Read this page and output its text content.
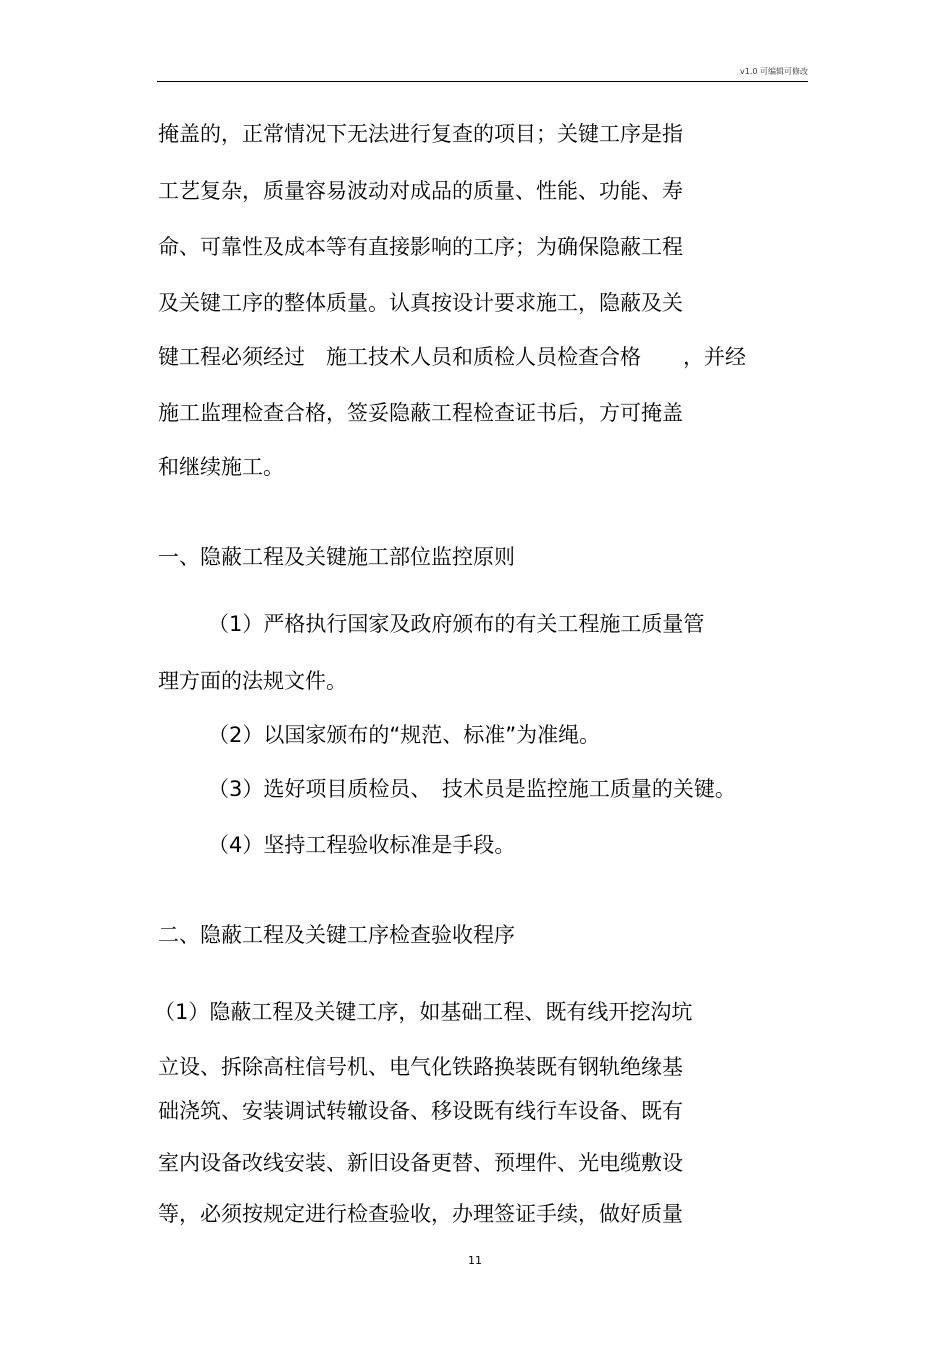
v1.0 可编辑可修改
掩盖的，正常情况下无法进行复查的项目；关键工序是指
工艺复杂，质量容易波动对成品的质量、性能、功能、寿
命、可靠性及成本等有直接影响的工序；为确保隐蔽工程
及关键工序的整体质量。认真按设计要求施工，隐蔽及关
键工程必须经过　施工技术人员和质检人员检查合格　　，并经
施工监理检查合格，签妥隐蔽工程检查证书后，方可掩盖
和继续施工。
一、隐蔽工程及关键施工部位监控原则
（1）严格执行国家及政府颁布的有关工程施工质量管
理方面的法规文件。
（2）以国家颁布的“规范、标准”为准绳。
（3）选好项目质检员、　技术员是监控施工质量的关键。
（4）坚持工程验收标准是手段。
二、隐蔽工程及关键工序检查验收程序
（1）隐蔽工程及关键工序，如基础工程、既有线开挖沟坑
立设、拆除高柱信号机、电气化铁路换装既有钢轨绝缘基
础浇筑、安装调试转辙设备、移设既有线行车设备、既有
室内设备改线安装、新旧设备更替、预埋件、光电缆敷设
等，必须按规定进行检查验收，办理签证手续，做好质量
11
